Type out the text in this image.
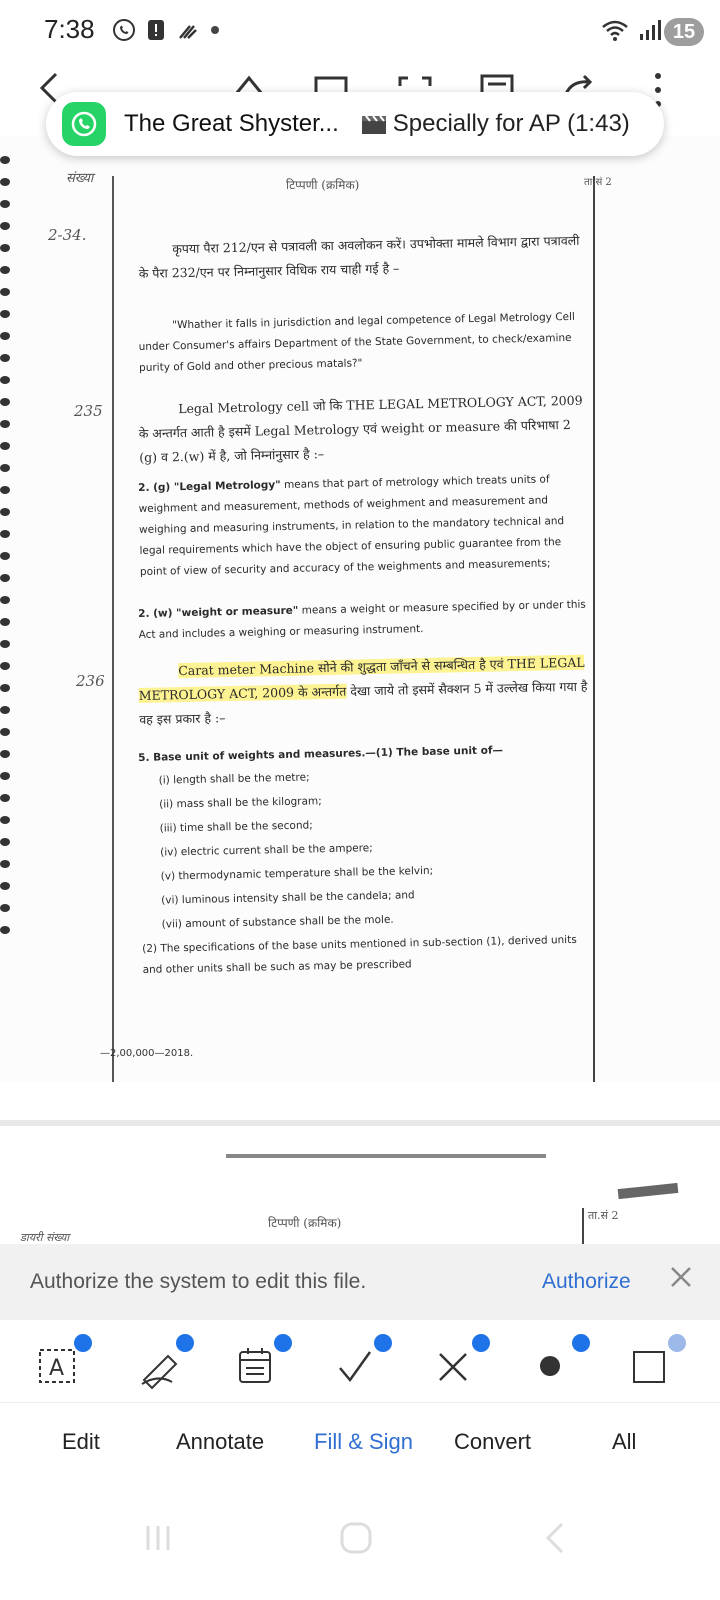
7:38	15
संख्या
2-34.
235
236
टिप्पणी (क्रमिक)	ता.सं 2
कृपया पैरा 212/एन से पत्रावली का अवलोकन करें। उपभोक्ता मामले विभाग द्वारा पत्रावली के पैरा 232/एन पर निम्नानुसार विधिक राय चाही गई है –
"Whather it falls in jurisdiction and legal competence of Legal Metrology Cell under Consumer's affairs Department of the State Government, to check/examine purity of Gold and other precious matals?"
Legal Metrology cell जो कि THE LEGAL METROLOGY ACT, 2009 के अन्तर्गत आती है इसमें Legal Metrology एवं weight or measure की परिभाषा 2 (g) व 2.(w) में है, जो निम्नांनुसार है :–
2. (g) "Legal Metrology" means that part of metrology which treats units of weighment and measurement, methods of weighment and measurement and weighing and measuring instruments, in relation to the mandatory technical and legal requirements which have the object of ensuring public guarantee from the point of view of security and accuracy of the weighments and measurements;
2. (w) "weight or measure" means a weight or measure specified by or under this Act and includes a weighing or measuring instrument.
Carat meter Machine सोने की शुद्धता जाँचने से सम्बन्धित है एवं THE LEGAL METROLOGY ACT, 2009 के अन्तर्गत देखा जाये तो इसमें सैक्शन 5 में उल्लेख किया गया है वह इस प्रकार है :–
5. Base unit of weights and measures.—(1) The base unit of—
(i) length shall be the metre;
(ii) mass shall be the kilogram;
(iii) time shall be the second;
(iv) electric current shall be the ampere;
(v) thermodynamic temperature shall be the kelvin;
(vi) luminous intensity shall be the candela; and
(vii) amount of substance shall be the mole.
(2) The specifications of the base units mentioned in sub-section (1), derived units and other units shall be such as may be prescribed
—2,00,000—2018.
डायरी संख्या
टिप्पणी (क्रमिक)
ता.सं 2
The Great Shyster... Specially for AP (1:43)
Authorize the system to edit this file.	Authorize
A
Edit	Annotate Fill & Sign Convert	All
